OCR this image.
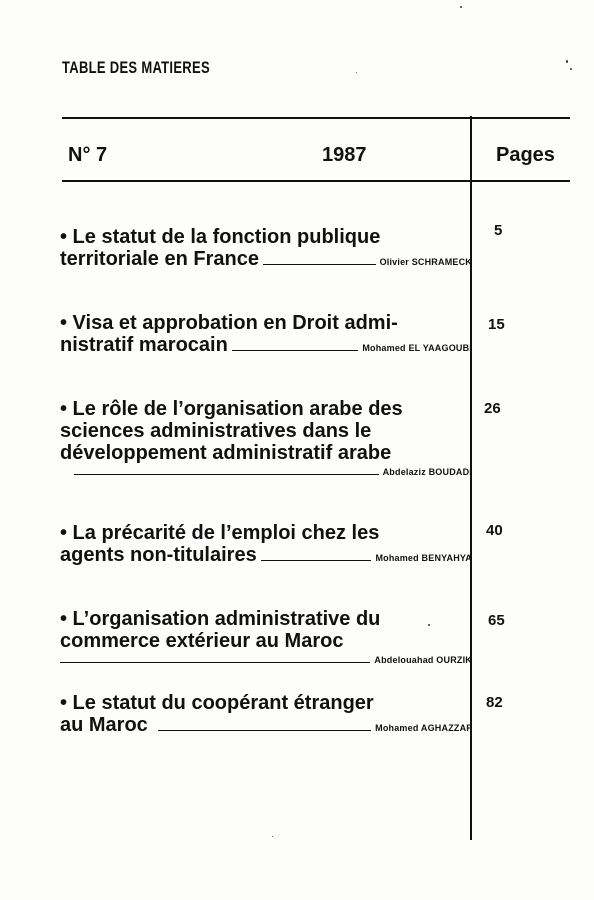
TABLE DES MATIERES
N° 7	1987	Pages
• Le statut de la fonction publique
territoriale en France	Olivier SCHRAMECK
5
• Visa et approbation en Droit admi-
nistratif marocain	Mohamed EL YAAGOUBI
15
• Le rôle de l’organisation arabe des
sciences administratives dans le
développement administratif arabe
Abdelaziz BOUDADI
26
• La précarité de l’emploi chez les
agents non-titulaires	Mohamed BENYAHYA
40
• L’organisation administrative du
commerce extérieur au Maroc
Abdelouahad OURZIK
65
• Le statut du coopérant étranger
au Maroc	Mohamed AGHAZZAF
82
